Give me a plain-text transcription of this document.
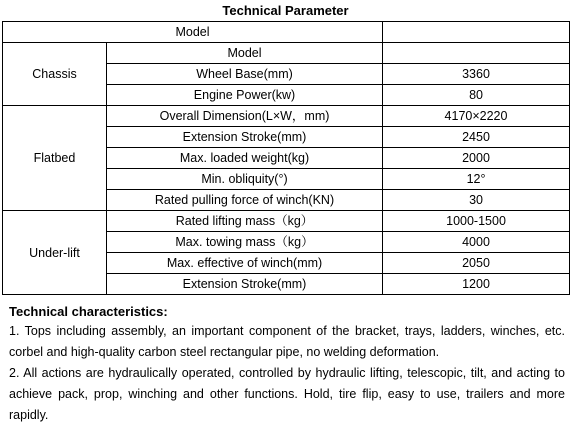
Technical Parameter
Model		
Chassis	Model	
	Wheel Base(mm)	3360
	Engine Power(kw)	80
Flatbed	Overall Dimension(L×W，mm)	4170×2220
	Extension Stroke(mm)	2450
	Max. loaded weight(kg)	2000
	Min. obliquity(°)	12°
	Rated pulling force of winch(KN)	30
Under-lift	Rated lifting mass（kg）	1000-1500
	Max. towing mass（kg）	4000
	Max. effective of winch(mm)	2050
	Extension Stroke(mm)	1200

Technical characteristics:

1. Tops including assembly, an important component of the bracket, trays, ladders, winches, etc. corbel and high-quality carbon steel rectangular pipe, no welding deformation.

2. All actions are hydraulically operated, controlled by hydraulic lifting, telescopic, tilt, and acting to achieve pack, prop, winching and other functions. Hold, tire flip, easy to use, trailers and more rapidly.
